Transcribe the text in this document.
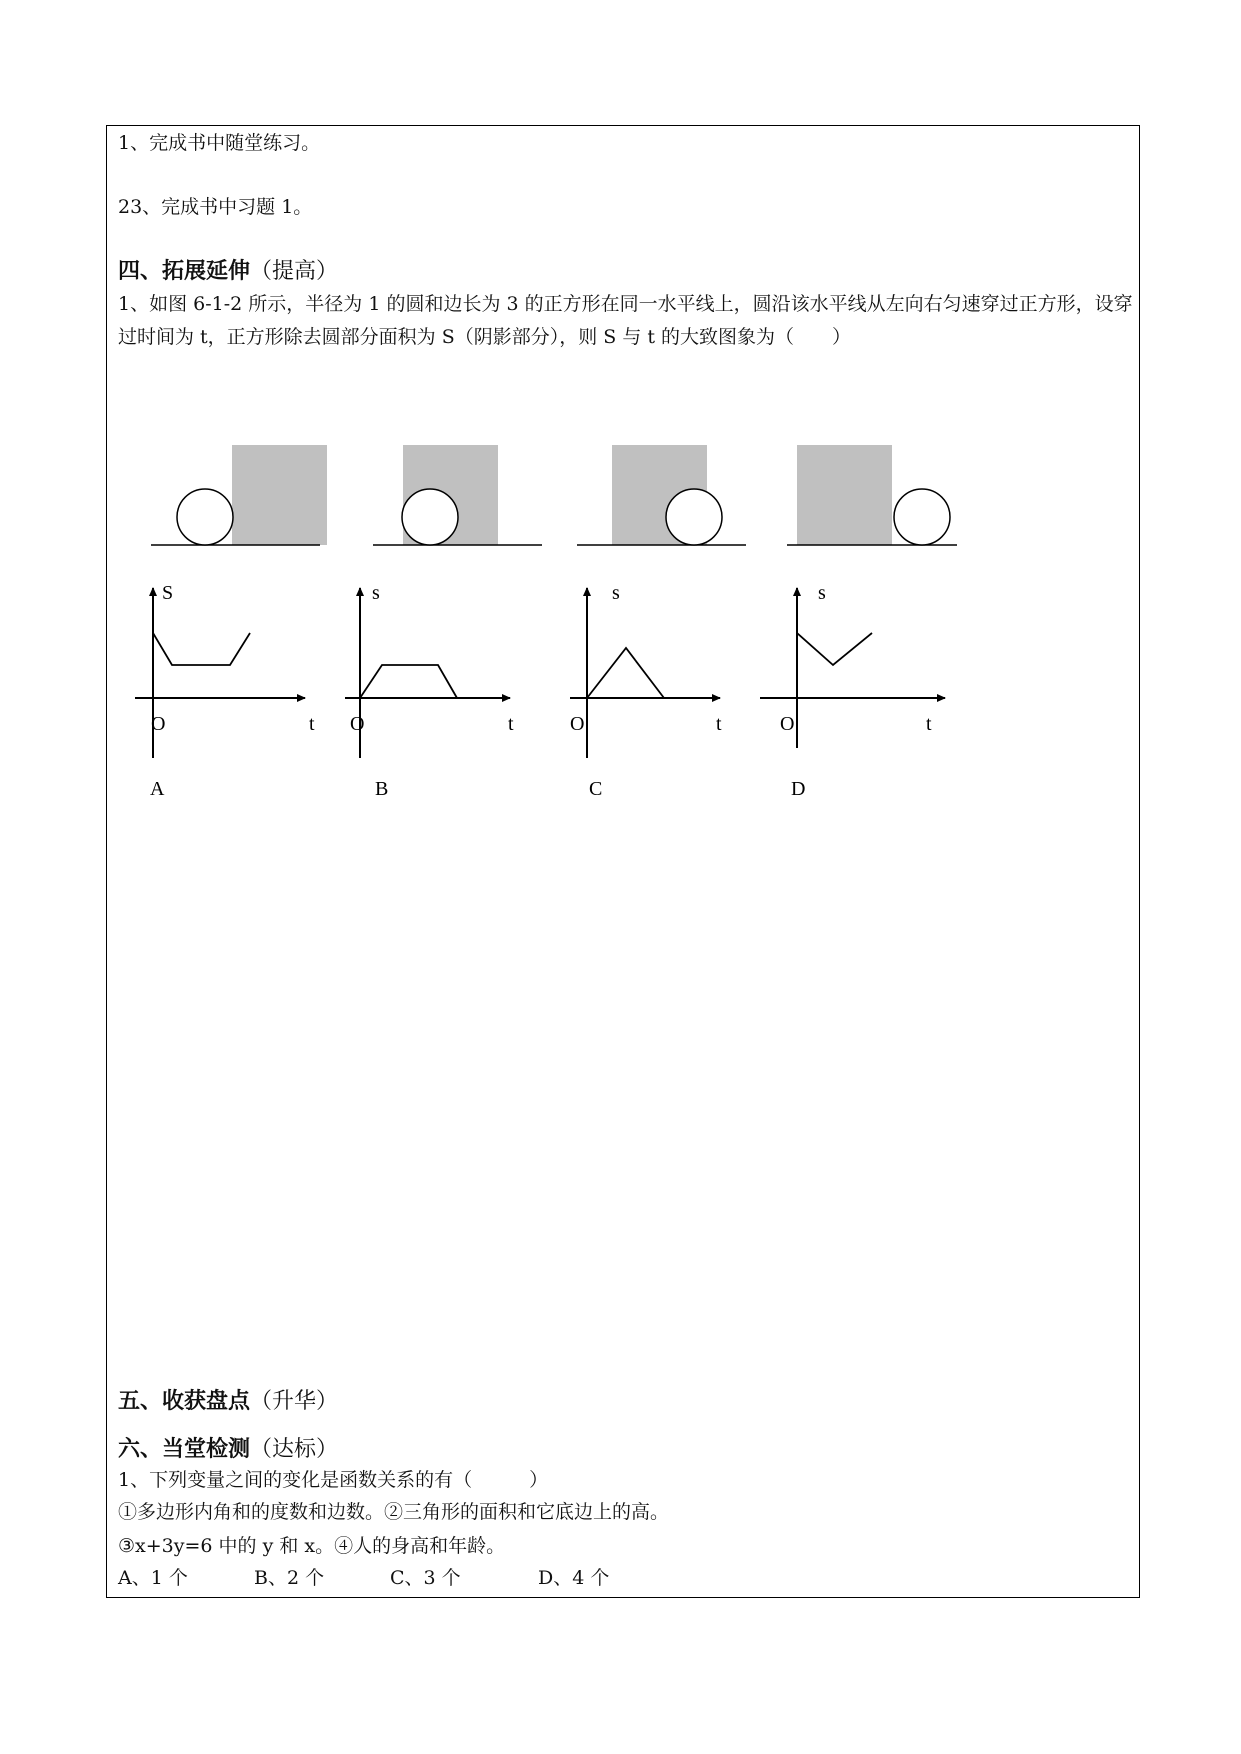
1、完成书中随堂练习。
23、完成书中习题 1。
四、拓展延伸（提高）
1、如图 6-1-2 所示，半径为 1 的圆和边长为 3 的正方形在同一水平线上，圆沿该水平线从左向右匀速穿过正方形，设穿过时间为 t，正方形除去圆部分面积为 S（阴影部分），则 S 与 t 的大致图象为（　　）
S
O	t
A
s
O	t
B
s
O	t
C
s
O	t
D
五、收获盘点（升华）
六、当堂检测（达标）
1、下列变量之间的变化是函数关系的有（　　　）
①多边形内角和的度数和边数。②三角形的面积和它底边上的高。
③x+3y=6 中的 y 和 x。④人的身高和年龄。
A、1 个	B、2 个	C、3 个	D、4 个
